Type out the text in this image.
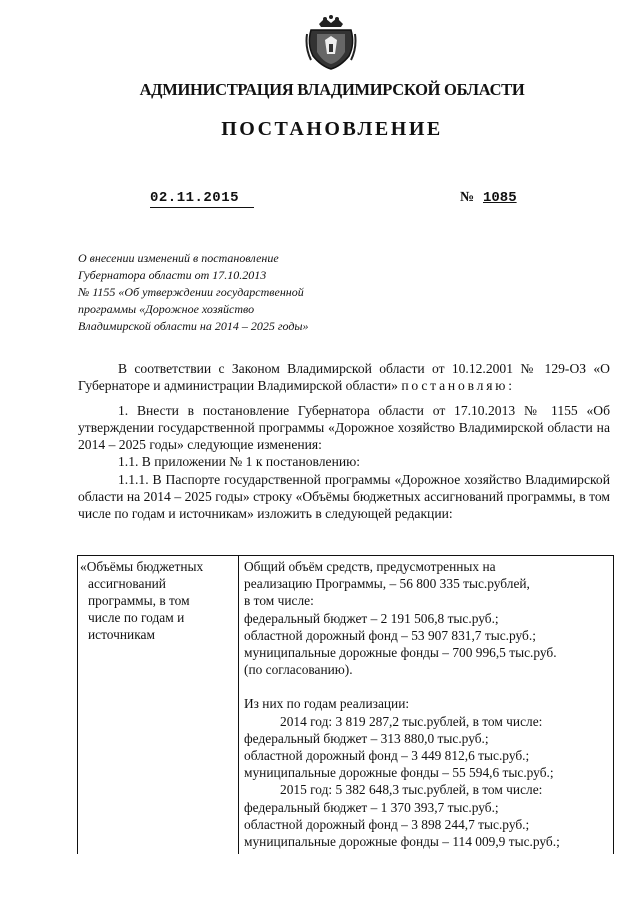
АДМИНИСТРАЦИЯ ВЛАДИМИРСКОЙ ОБЛАСТИ
ПОСТАНОВЛЕНИЕ
02.11.2015	№ 1085
О внесении изменений в постановление
Губернатора области от 17.10.2013
№ 1155 «Об утверждении государственной
программы «Дорожное хозяйство
Владимирской области на 2014 – 2025 годы»
В соответствии с Законом Владимирской области от 10.12.2001 № 129-ОЗ «О Губернаторе и администрации Владимирской области» постановляю:
1. Внести в постановление Губернатора области от 17.10.2013 № 1155 «Об утверждении государственной программы «Дорожное хозяйство Владимирской области на 2014 – 2025 годы» следующие изменения:
1.1. В приложении № 1 к постановлению:
1.1.1. В Паспорте государственной программы «Дорожное хозяйство Владимирской области на 2014 – 2025 годы» строку «Объёмы бюджетных ассигнований программы, в том числе по годам и источникам» изложить в следующей редакции:
«Объёмы бюджетных
ассигнований
программы, в том
числе по годам и
источникам
Общий объём средств, предусмотренных на
реализацию Программы, – 56 800 335 тыс.рублей,
в том числе:
федеральный бюджет – 2 191 506,8 тыс.руб.;
областной дорожный фонд – 53 907 831,7 тыс.руб.;
муниципальные дорожные фонды – 700 996,5 тыс.руб.
(по согласованию).
Из них по годам реализации:
2014 год: 3 819 287,2 тыс.рублей, в том числе:
федеральный бюджет – 313 880,0 тыс.руб.;
областной дорожный фонд – 3 449 812,6 тыс.руб.;
муниципальные дорожные фонды – 55 594,6 тыс.руб.;
2015 год: 5 382 648,3 тыс.рублей, в том числе:
федеральный бюджет – 1 370 393,7 тыс.руб.;
областной дорожный фонд – 3 898 244,7 тыс.руб.;
муниципальные дорожные фонды – 114 009,9 тыс.руб.;
